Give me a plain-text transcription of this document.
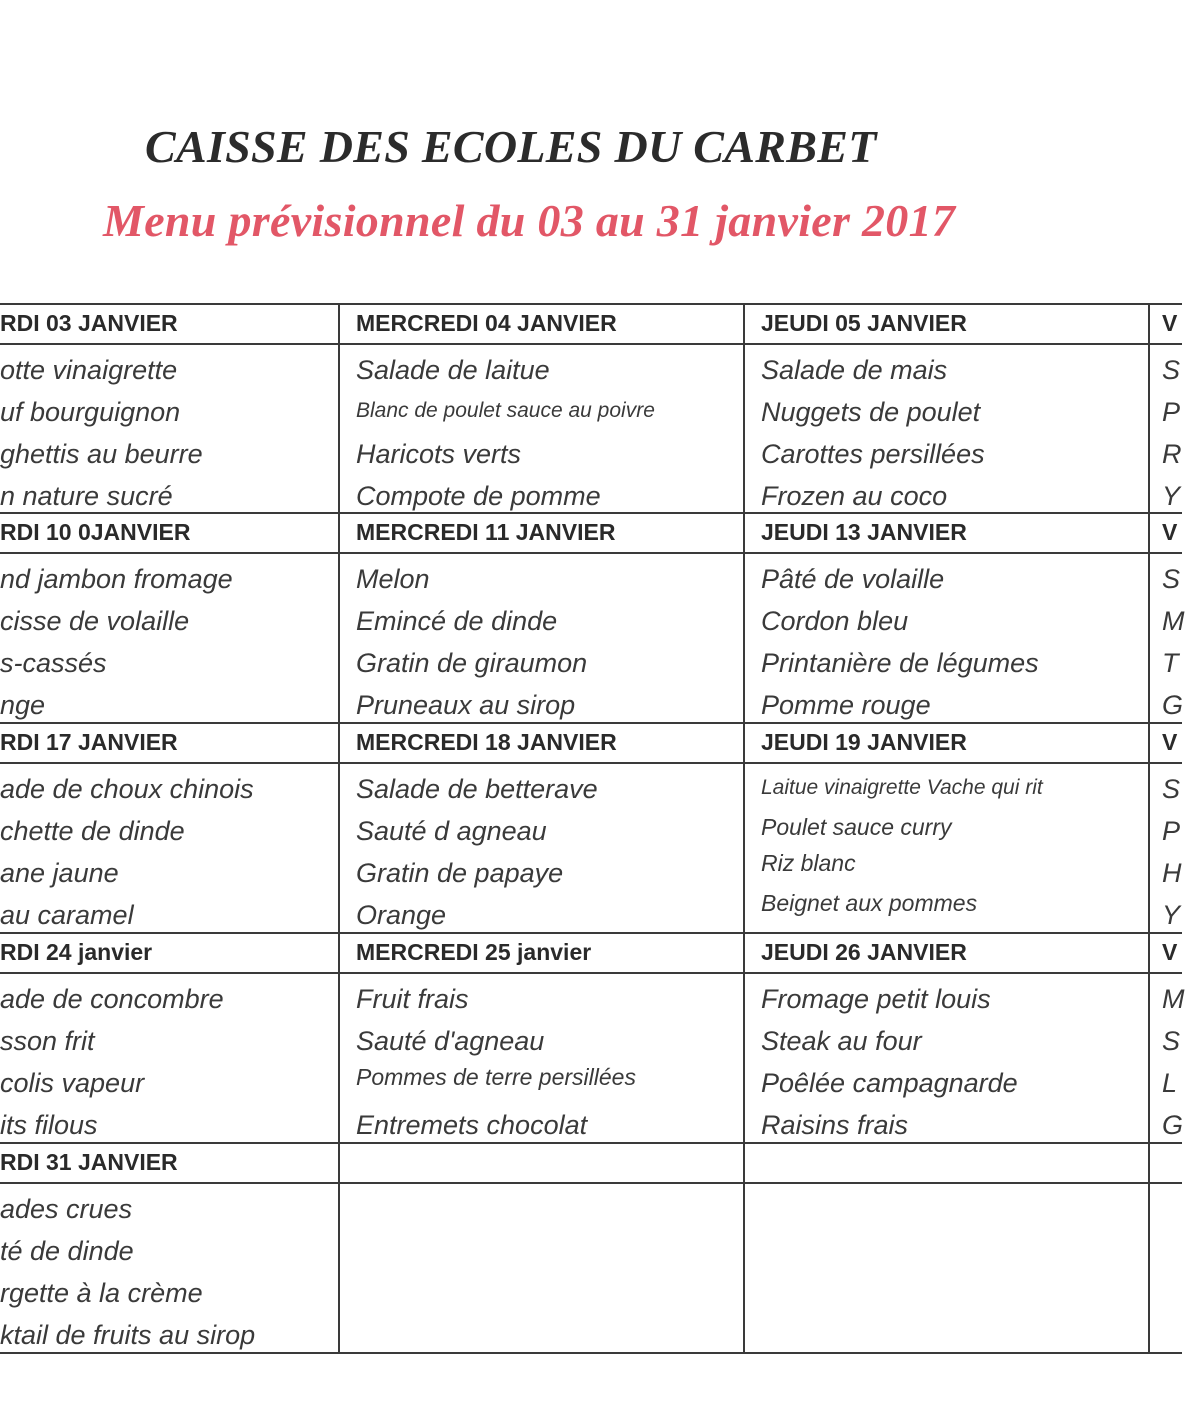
CAISSE DES ECOLES DU CARBET
Menu prévisionnel du 03 au 31 janvier 2017
RDI 03 JANVIER
otte vinaigrette
uf bourguignon
ghettis au beurre
n nature sucré
MERCREDI 04 JANVIER
Salade de laitue
Blanc de poulet sauce au poivre
Haricots verts
Compote de pomme
JEUDI 05 JANVIER
Salade de mais
Nuggets de poulet
Carottes persillées
Frozen au coco
V
S
P
R
Y
RDI 10 0JANVIER
nd jambon fromage
cisse de volaille
s-cassés
nge
MERCREDI 11 JANVIER
Melon
Emincé de dinde
Gratin de giraumon
Pruneaux au sirop
JEUDI 13 JANVIER
Pâté de volaille
Cordon bleu
Printanière de légumes
Pomme rouge
V
S
M
T
G
RDI 17 JANVIER
ade de choux chinois
chette de dinde
ane jaune
au caramel
MERCREDI 18 JANVIER
Salade de betterave
Sauté d agneau
Gratin de papaye
Orange
JEUDI 19 JANVIER
Laitue vinaigrette Vache qui rit
Poulet sauce curry
Riz blanc
Beignet aux pommes
V
S
P
H
Y
RDI 24 janvier
ade de concombre
sson frit
colis vapeur
its filous
MERCREDI 25 janvier
Fruit frais
Sauté d'agneau
Pommes de terre persillées
Entremets chocolat
JEUDI 26 JANVIER
Fromage petit louis
Steak au four
Poêlée campagnarde
Raisins frais
V
M
S
L
G
RDI 31 JANVIER
ades crues
té de dinde
rgette à la crème
ktail de fruits au sirop
